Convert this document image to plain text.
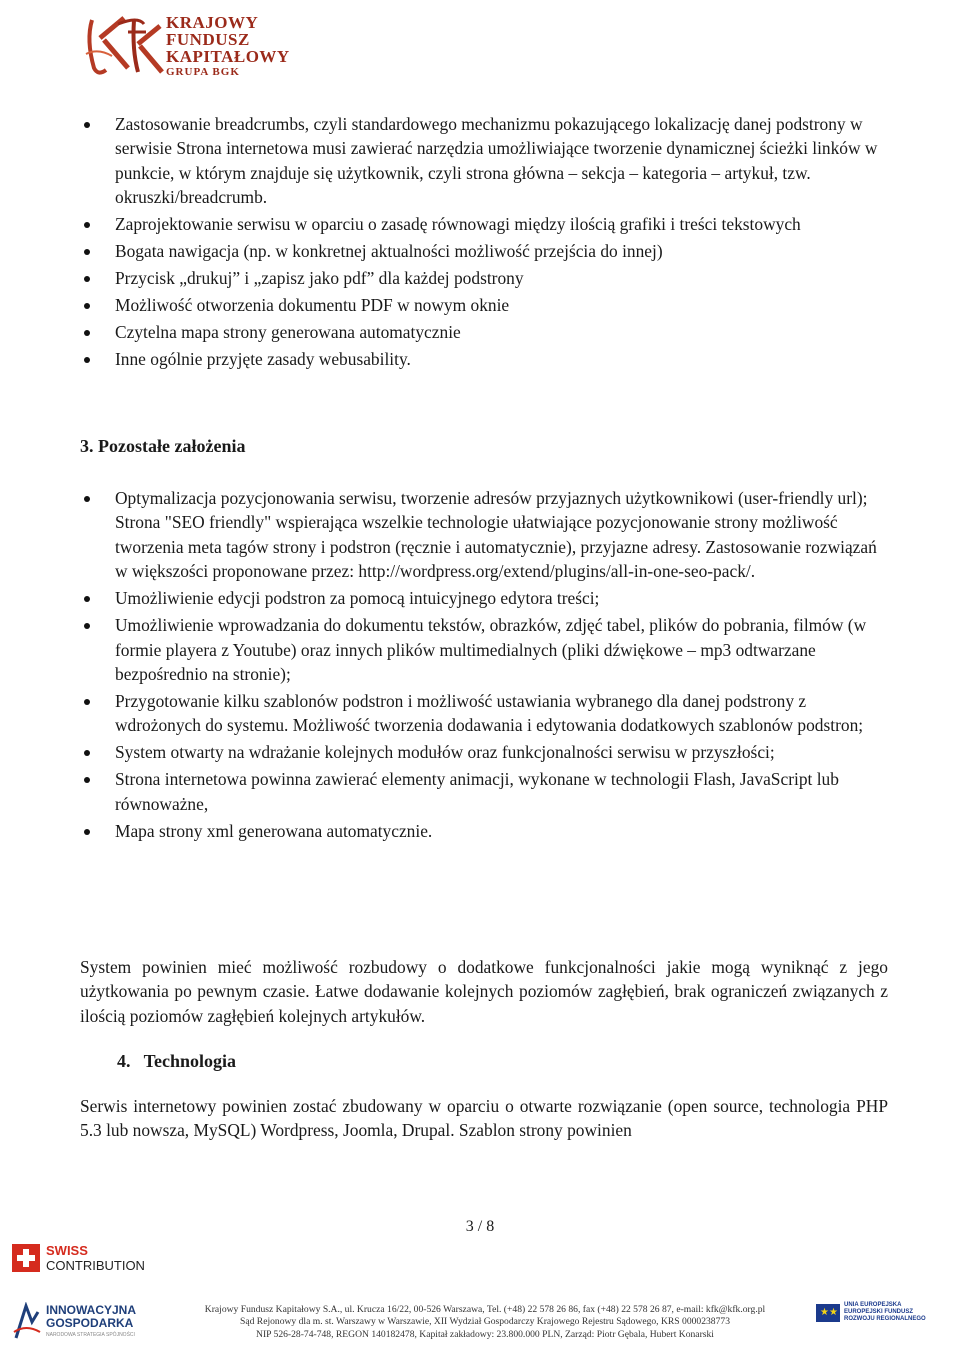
KRAJOWY
FUNDUSZ
KAPITAŁOWY
GRUPA BGK
Zastosowanie breadcrumbs, czyli standardowego mechanizmu pokazującego lokalizację danej podstrony w serwisie Strona internetowa musi zawierać narzędzia umożliwiające tworzenie dynamicznej ścieżki linków w punkcie, w którym znajduje się użytkownik, czyli strona główna – sekcja – kategoria – artykuł, tzw. okruszki/breadcrumb.
Zaprojektowanie serwisu w oparciu o zasadę równowagi między ilością grafiki i treści tekstowych
Bogata nawigacja (np. w konkretnej aktualności możliwość przejścia do innej)
Przycisk „drukuj” i „zapisz jako pdf” dla każdej podstrony
Możliwość otworzenia dokumentu PDF w nowym oknie
Czytelna mapa strony generowana automatycznie
Inne ogólnie przyjęte zasady webusability.
3. Pozostałe założenia
Optymalizacja pozycjonowania serwisu, tworzenie adresów przyjaznych użytkownikowi (user-friendly url); Strona "SEO friendly" wspierająca wszelkie technologie ułatwiające pozycjonowanie strony możliwość tworzenia meta tagów strony i podstron (ręcznie i automatycznie), przyjazne adresy. Zastosowanie rozwiązań w większości proponowane przez: http://wordpress.org/extend/plugins/all-in-one-seo-pack/.
Umożliwienie edycji podstron za pomocą intuicyjnego edytora treści;
Umożliwienie wprowadzania do dokumentu tekstów, obrazków, zdjęć tabel, plików do pobrania, filmów (w formie playera z Youtube) oraz innych plików multimedialnych (pliki dźwiękowe – mp3 odtwarzane bezpośrednio na stronie);
Przygotowanie kilku szablonów podstron i możliwość ustawiania wybranego dla danej podstrony z wdrożonych do systemu. Możliwość tworzenia dodawania i edytowania dodatkowych szablonów podstron;
System otwarty na wdrażanie kolejnych modułów oraz funkcjonalności serwisu w przyszłości;
Strona internetowa powinna zawierać elementy animacji, wykonane w technologii Flash, JavaScript lub równoważne,
Mapa strony xml generowana automatycznie.
System powinien mieć możliwość rozbudowy o dodatkowe funkcjonalności jakie mogą wyniknąć z jego użytkowania po pewnym czasie. Łatwe dodawanie kolejnych poziomów zagłębień, brak ograniczeń związanych z ilością poziomów zagłębień kolejnych artykułów.
4.   Technologia
Serwis internetowy powinien zostać zbudowany w oparciu o otwarte rozwiązanie (open source, technologia PHP 5.3 lub nowsza, MySQL) Wordpress, Joomla, Drupal. Szablon strony powinien
3 / 8
SWISS
CONTRIBUTION
INNOWACYJNA
GOSPODARKA
NARODOWA STRATEGIA SPÓJNOŚCI
Krajowy Fundusz Kapitałowy S.A., ul. Krucza 16/22, 00-526 Warszawa, Tel. (+48) 22 578 26 86, fax (+48) 22 578 26 87, e-mail: kfk@kfk.org.pl
Sąd Rejonowy dla m. st. Warszawy w Warszawie, XII Wydział Gospodarczy Krajowego Rejestru Sądowego, KRS 0000238773
NIP 526-28-74-748, REGON 140182478, Kapitał zakładowy: 23.800.000 PLN, Zarząd: Piotr Gębala, Hubert Konarski
★★
UNIA EUROPEJSKA
EUROPEJSKI FUNDUSZ
ROZWOJU REGIONALNEGO
